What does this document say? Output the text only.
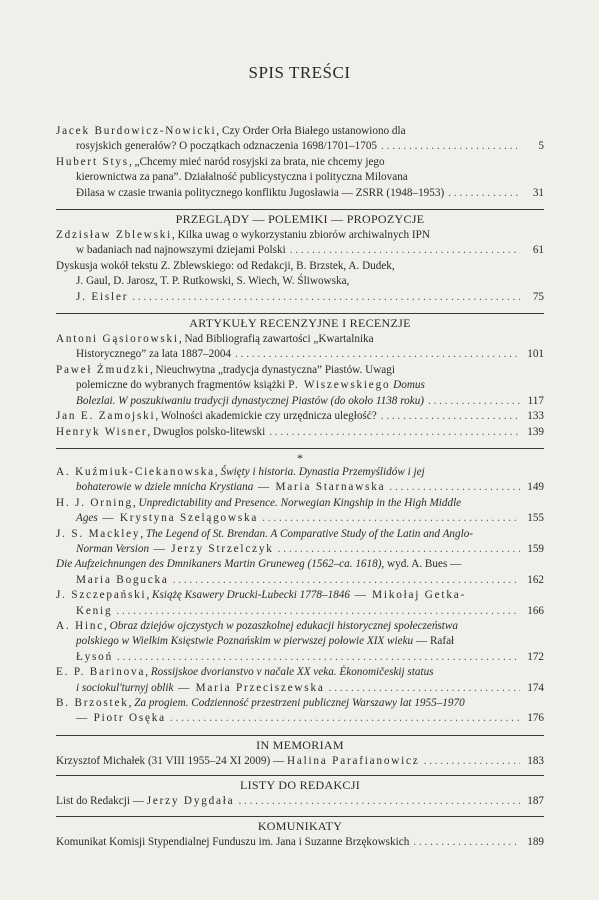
SPIS TREŚCI
Jacek Burdowicz-Nowicki, Czy Order Orła Białego ustanowiono dla
rosyjskich generałów? O początkach odznaczenia 1698/1701–1705 . . .	5
Hubert Stys, „Chcemy mieć naród rosyjski za brata, nie chcemy jego
kierownictwa za pana”. Działalność publicystyczna i polityczna Milovana
Đilasa w czasie trwania politycznego konfliktu Jugosławia — ZSRR (1948–1953) . . .	31
PRZEGLĄDY — POLEMIKI — PROPOZYCJE
Zdzisław Zblewski, Kilka uwag o wykorzystaniu zbiorów archiwalnych IPN
w badaniach nad najnowszymi dziejami Polski . . .	61
Dyskusja wokół tekstu Z. Zblewskiego: od Redakcji, B. Brzstek, A. Dudek,
J. Gaul, D. Jarosz, T. P. Rutkowski, S. Wiech, W. Śliwowska,
J. Eisler . . .	75
ARTYKUŁY RECENZYJNE I RECENZJE
Antoni Gąsiorowski, Nad Bibliografią zawartości „Kwartalnika
Historycznego” za lata 1887–2004 . . .	101
Paweł Żmudzki, Nieuchwytna „tradycja dynastyczna” Piastów. Uwagi
polemiczne do wybranych fragmentów książki P. Wiszewskiego Domus
Bolezlai. W poszukiwaniu tradycji dynastycznej Piastów (do około 1138 roku) . . .	117
Jan E. Zamojski, Wolności akademickie czy urzędnicza uległość? . . .	133
Henryk Wisner, Dwugłos polsko-litewski . . .	139
*
A. Kuźmiuk-Ciekanowska, Święty i historia. Dynastia Przemyślidów i jej
bohaterowie w dziele mnicha Krystiana — Maria Starnawska . . .	149
H. J. Orning, Unpredictability and Presence. Norwegian Kingship in the High Middle
Ages — Krystyna Szelągowska . . .	155
J. S. Mackley, The Legend of St. Brendan. A Comparative Study of the Latin and Anglo-
Norman Version — Jerzy Strzelczyk . . .	159
Die Aufzeichnungen des Dmnikaners Martin Gruneweg (1562–ca. 1618), wyd. A. Bues —
Maria Bogucka . . .	162
J. Szczepański, Książę Ksawery Drucki-Lubecki 1778–1846 — Mikołaj Getka-
Kenig . . .	166
A. Hinc, Obraz dziejów ojczystych w pozaszkolnej edukacji historycznej społeczeństwa
polskiego w Wielkim Księstwie Poznańskim w pierwszej połowie XIX wieku — Rafał
Łysoń . . .	172
E. P. Barinova, Rossijskoe dvorianstvo v načale XX veka. Ėkonomičeskij status
i sociokul'turnyj oblik — Maria Przeciszewska . . .	174
B. Brzostek, Za progiem. Codzienność przestrzeni publicznej Warszawy lat 1955–1970
— Piotr Osęka . . .	176
IN MEMORIAM
Krzysztof Michałek (31 VIII 1955–24 XI 2009) — Halina Parafianowicz . . .	183
LISTY DO REDAKCJI
List do Redakcji — Jerzy Dygdała . . .	187
KOMUNIKATY
Komunikat Komisji Stypendialnej Funduszu im. Jana i Suzanne Brzękowskich . . .	189
